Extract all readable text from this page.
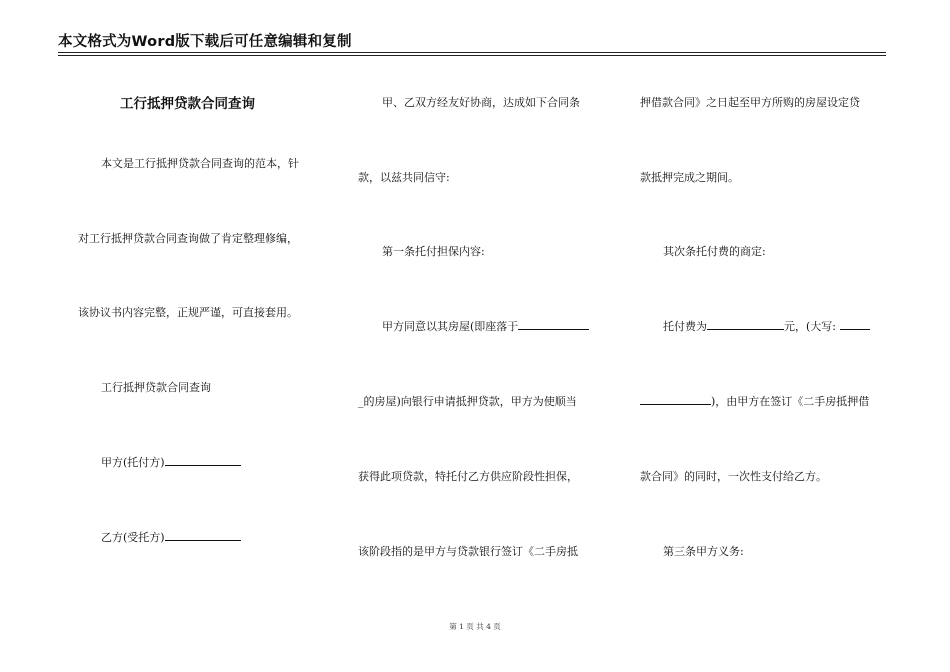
本文格式为Word版下载后可任意编辑和复制
工行抵押贷款合同查询
本文是工行抵押贷款合同查询的范本，针
对工行抵押贷款合同查询做了肯定整理修编，
该协议书内容完整，正规严谨，可直接套用。
工行抵押贷款合同查询
甲方(托付方)
乙方(受托方)
甲、乙双方经友好协商，达成如下合同条
款，以兹共同信守:
第一条托付担保内容:
甲方同意以其房屋(即座落于
_的房屋)向银行申请抵押贷款，甲方为使顺当
获得此项贷款，特托付乙方供应阶段性担保，
该阶段指的是甲方与贷款银行签订《二手房抵
押借款合同》之日起至甲方所购的房屋设定贷
款抵押完成之期间。
其次条托付费的商定:
托付费为	元，(大写:
)，由甲方在签订《二手房抵押借
款合同》的同时，一次性支付给乙方。
第三条甲方义务:
第 1 页 共 4 页
